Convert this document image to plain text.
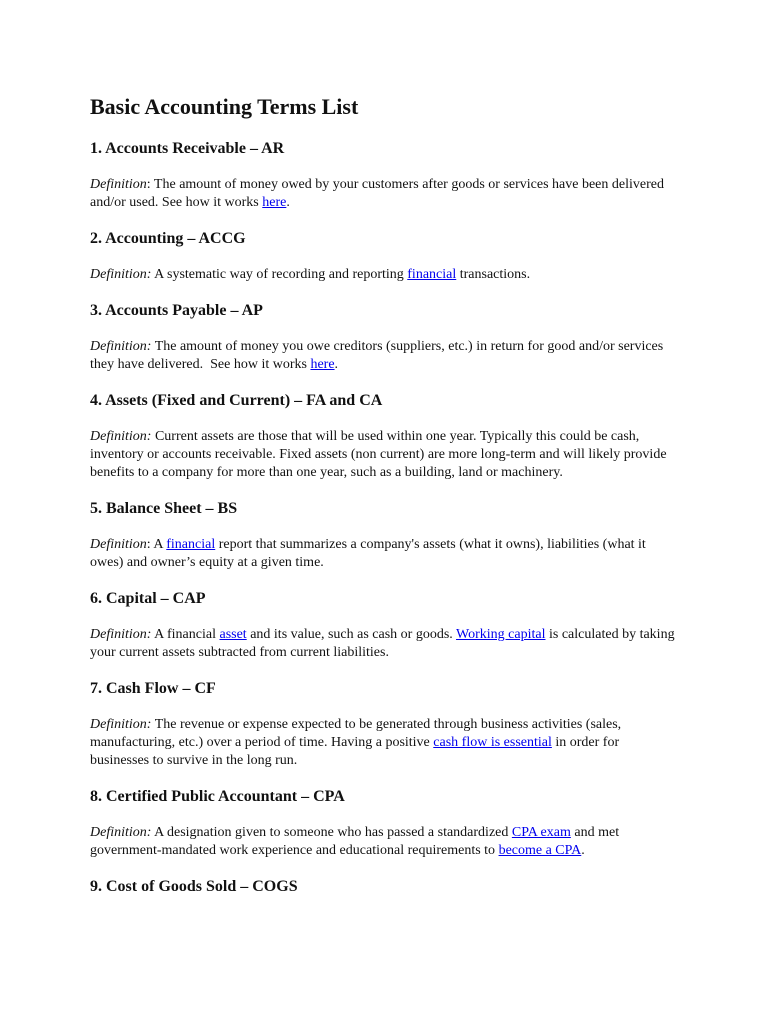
Basic Accounting Terms List
1. Accounts Receivable – AR

Definition: The amount of money owed by your customers after goods or services have been delivered and/or used. See how it works here.

2. Accounting – ACCG

Definition: A systematic way of recording and reporting financial transactions.

3. Accounts Payable – AP

Definition: The amount of money you owe creditors (suppliers, etc.) in return for good and/or services they have delivered.  See how it works here.

4. Assets (Fixed and Current) – FA and CA

Definition: Current assets are those that will be used within one year. Typically this could be cash, inventory or accounts receivable. Fixed assets (non current) are more long-term and will likely provide benefits to a company for more than one year, such as a building, land or machinery.

5. Balance Sheet – BS

Definition: A financial report that summarizes a company's assets (what it owns), liabilities (what it owes) and owner’s equity at a given time.

6. Capital – CAP

Definition: A financial asset and its value, such as cash or goods. Working capital is calculated by taking your current assets subtracted from current liabilities.

7. Cash Flow – CF

Definition: The revenue or expense expected to be generated through business activities (sales, manufacturing, etc.) over a period of time. Having a positive cash flow is essential in order for businesses to survive in the long run.

8. Certified Public Accountant – CPA

Definition: A designation given to someone who has passed a standardized CPA exam and met government-mandated work experience and educational requirements to become a CPA.

9. Cost of Goods Sold – COGS
